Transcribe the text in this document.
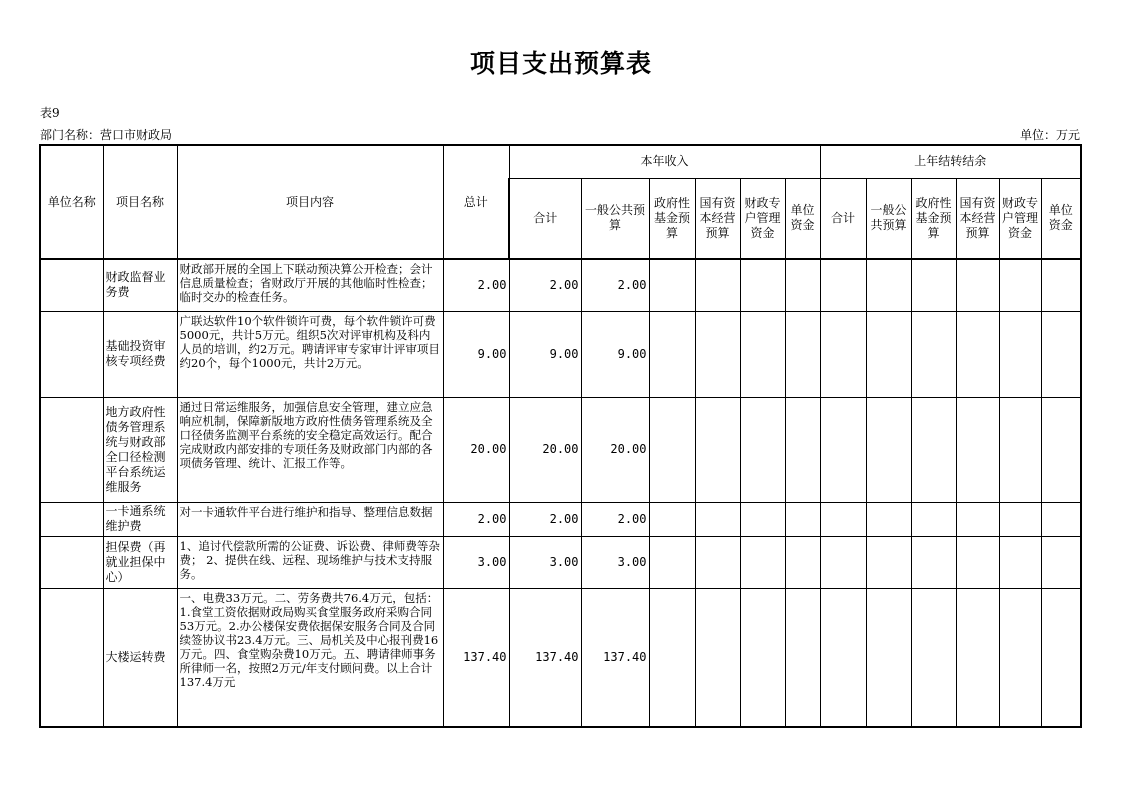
项目支出预算表
表9
部门名称：营口市财政局	单位：万元
单位名称	项目名称	项目内容	总计	本年收入						上年结转结余					
				合计	一般公共预算	政府性基金预算	国有资本经营预算	财政专户管理资金	单位资金	合计	一般公共预算	政府性基金预算	国有资本经营预算	财政专户管理资金	单位资金
	财政监督业务费	财政部开展的全国上下联动预决算公开检查；会计信息质量检查；省财政厅开展的其他临时性检查；临时交办的检查任务。	2.00	2.00	2.00										
	基础投资审核专项经费	广联达软件10个软件锁许可费，每个软件锁许可费5000元，共计5万元。组织5次对评审机构及科内人员的培训，约2万元。聘请评审专家审计评审项目约20个，每个1000元，共计2万元。	9.00	9.00	9.00										
	地方政府性债务管理系统与财政部全口径检测平台系统运维服务	通过日常运维服务，加强信息安全管理，建立应急响应机制，保障新版地方政府性债务管理系统及全口径债务监测平台系统的安全稳定高效运行。配合完成财政内部安排的专项任务及财政部门内部的各项债务管理、统计、汇报工作等。	20.00	20.00	20.00										
	一卡通系统维护费	对一卡通软件平台进行维护和指导、整理信息数据	2.00	2.00	2.00										
	担保费（再就业担保中心）	1、追讨代偿款所需的公证费、诉讼费、律师费等杂费； 2、提供在线、远程、现场维护与技术支持服务。	3.00	3.00	3.00										
	大楼运转费	一、电费33万元。二、劳务费共76.4万元，包括：1.食堂工资依据财政局购买食堂服务政府采购合同53万元。2.办公楼保安费依据保安服务合同及合同续签协议书23.4万元。三、局机关及中心报刊费16万元。四、食堂购杂费10万元。五、聘请律师事务所律师一名，按照2万元/年支付顾问费。以上合计137.4万元	137.40	137.40	137.40										
